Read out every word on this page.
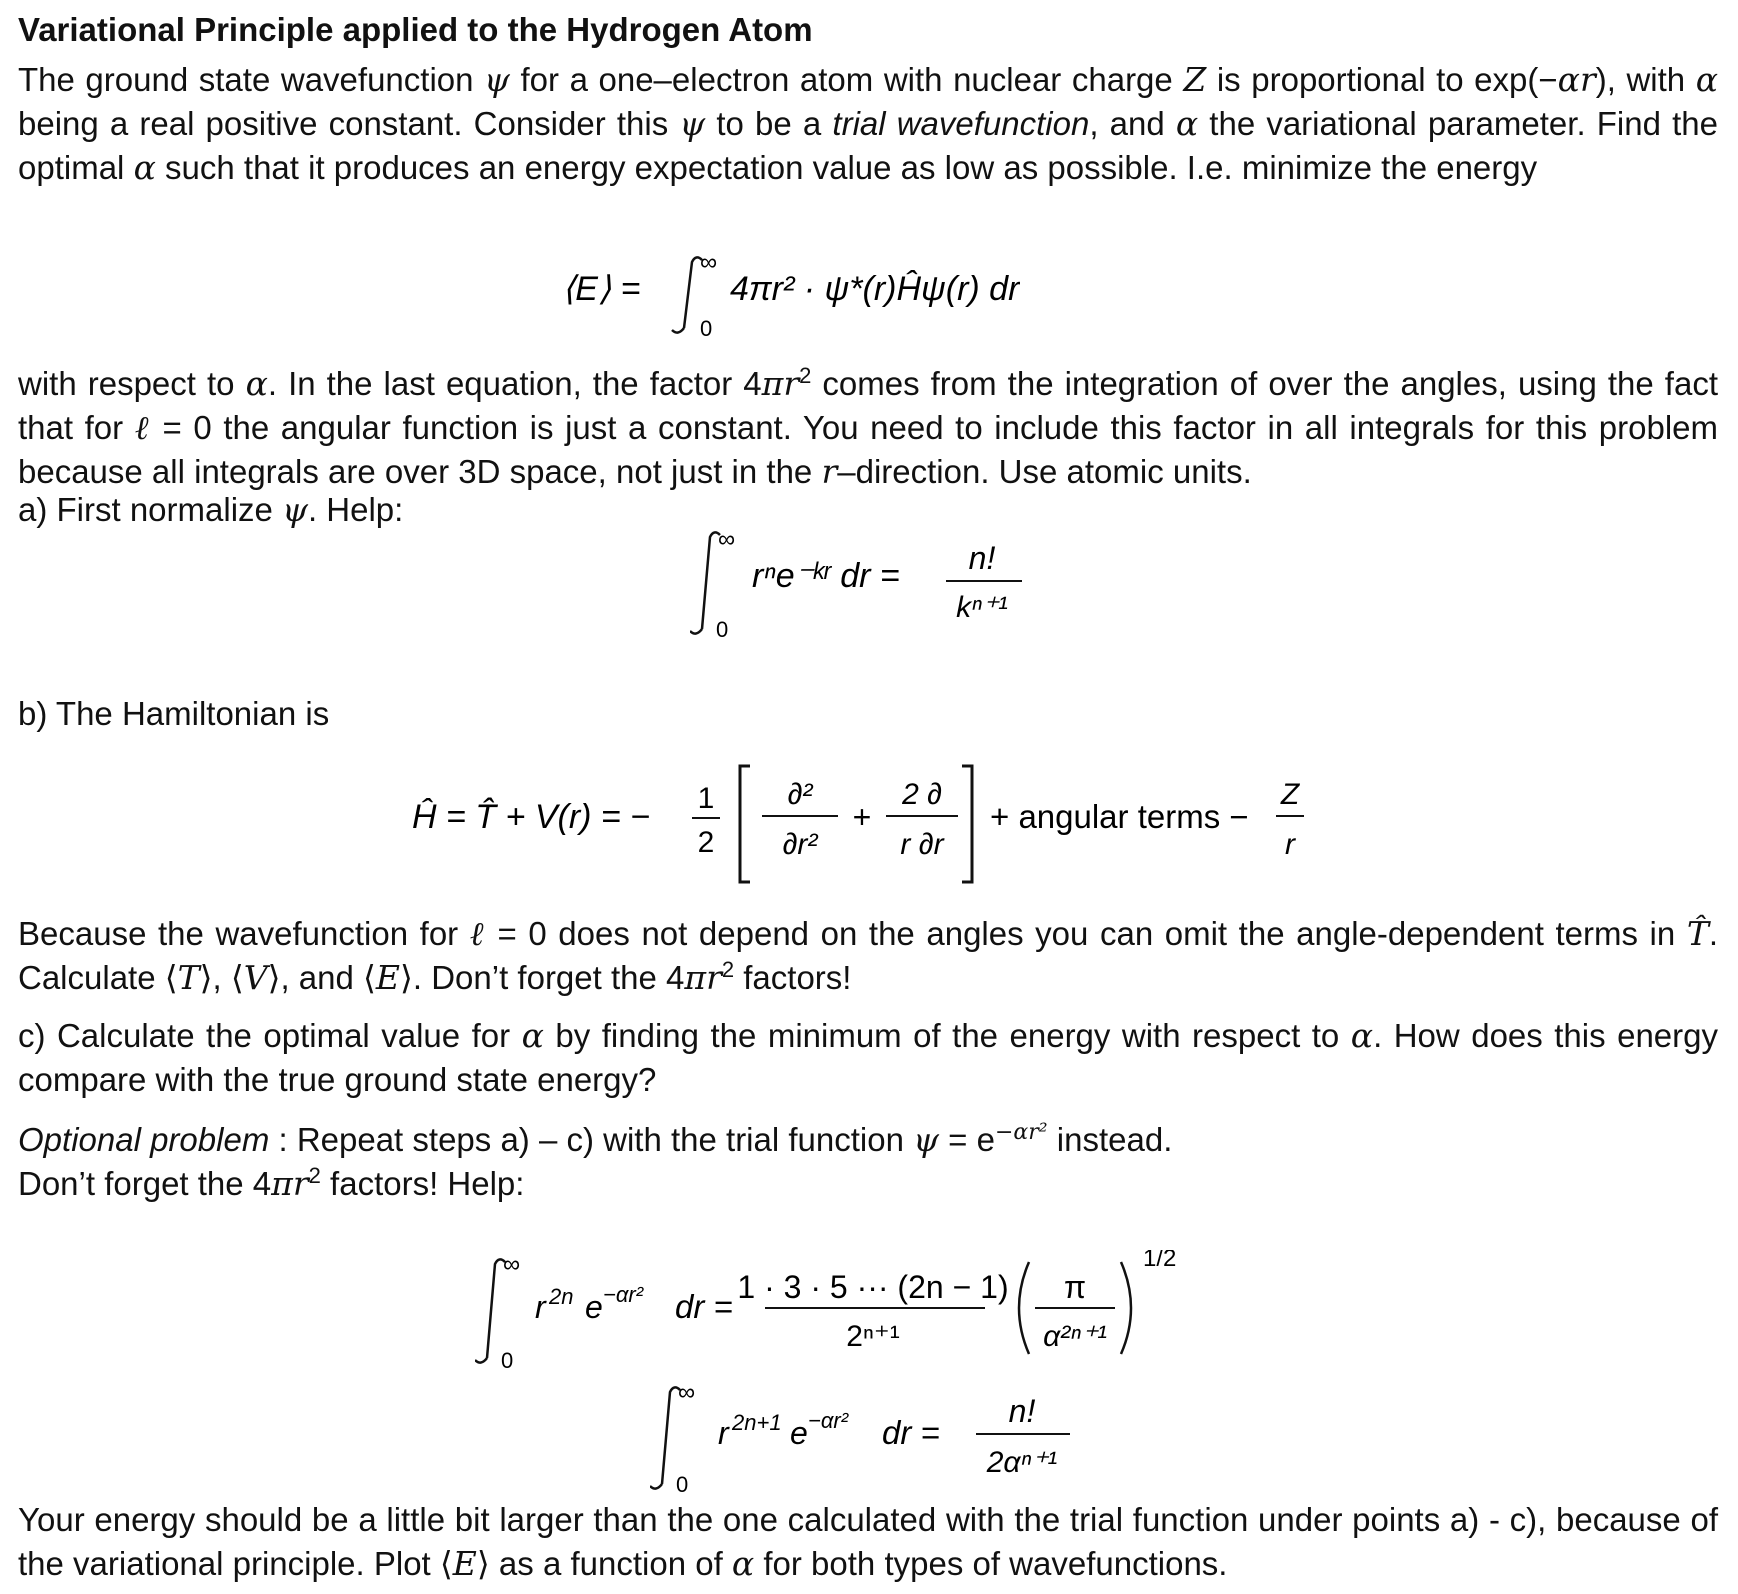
Variational Principle applied to the Hydrogen Atom

The ground state wavefunction ψ for a one–electron atom with nuclear charge Z is proportional to exp(−αr), with α being a real positive constant. Consider this ψ to be a trial wavefunction, and α the variational parameter. Find the optimal α such that it produces an energy expectation value as low as possible. I.e. minimize the energy

⟨E⟩ =
∞
0
4πr² · ψ*(r)Ĥψ(r) dr

with respect to α. In the last equation, the factor $4\pi r^2$ comes from the integration of over the angles, using the fact that for ℓ = 0 the angular function is just a constant. You need to include this factor in all integrals for this problem because all integrals are over 3D space, not just in the r–direction. Use atomic units.

a) First normalize ψ. Help:

∞
0
rⁿe⁻ᵏʳ dr = n!
kⁿ⁺¹

b) The Hamiltonian is

Ĥ = T̂ + V(r) = − 1
2
∂²
∂r²
+
2 ∂
r ∂r
+ angular terms −
Z
r

Because the wavefunction for ℓ = 0 does not depend on the angles you can omit the angle-dependent terms in T̂. Calculate ⟨T⟩, ⟨V⟩, and ⟨E⟩. Don’t forget the $4\pi r^2$ factors!

c) Calculate the optimal value for α by finding the minimum of the energy with respect to α. How does this energy compare with the true ground state energy?

Optional problem : Repeat steps a) – c) with the trial function $\psi = e^{-\alpha r^2}$ instead.
Don’t forget the $4\pi r^2$ factors! Help:

∞
0
r 2n e −αr² dr =
1 · 3 · 5 ··· (2n − 1)
2ⁿ⁺¹
π
α²ⁿ⁺¹
1/2
∞
0
r 2n+1 e −αr² dr =
n!
2αⁿ⁺¹

Your energy should be a little bit larger than the one calculated with the trial function under points a) - c), because of the variational principle. Plot ⟨E⟩ as a function of α for both types of wavefunctions.
